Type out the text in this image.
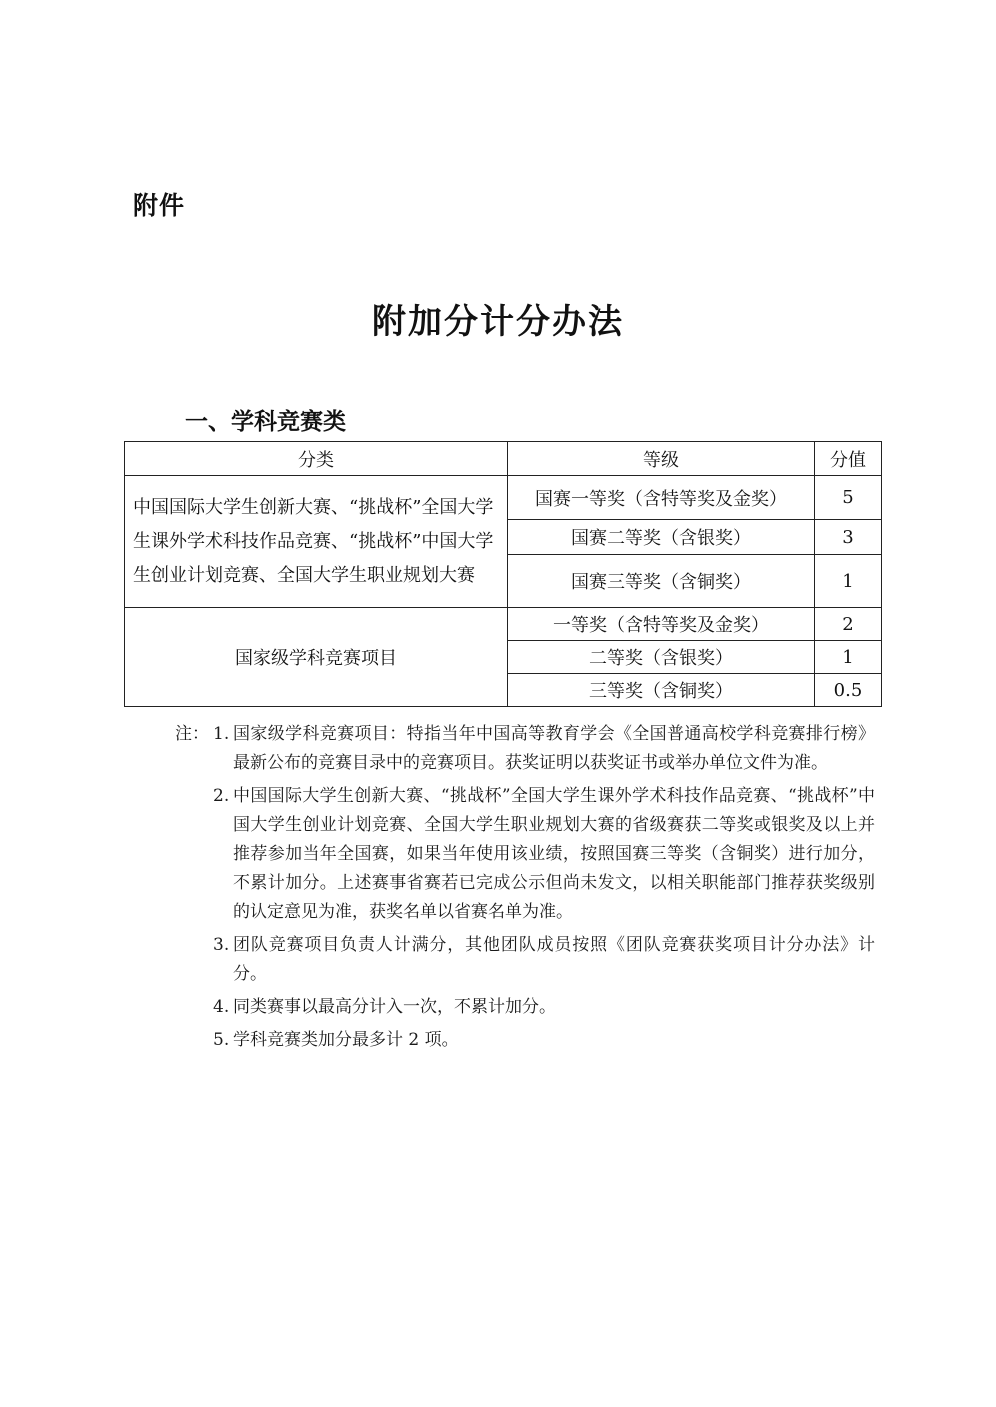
附件
附加分计分办法
一、学科竞赛类
分类	等级	分值
中国国际大学生创新大赛、“挑战杯”全国大学生课外学术科技作品竞赛、“挑战杯”中国大学生创业计划竞赛、全国大学生职业规划大赛	国赛一等奖（含特等奖及金奖）	5
	国赛二等奖（含银奖）	3
	国赛三等奖（含铜奖）	1
国家级学科竞赛项目	一等奖（含特等奖及金奖）	2
	二等奖（含银奖）	1
	三等奖（含铜奖）	0.5
注： 1. 国家级学科竞赛项目：特指当年中国高等教育学会《全国普通高校学科竞赛排行榜》最新公布的竞赛目录中的竞赛项目。获奖证明以获奖证书或举办单位文件为准。
2. 中国国际大学生创新大赛、“挑战杯”全国大学生课外学术科技作品竞赛、“挑战杯”中国大学生创业计划竞赛、全国大学生职业规划大赛的省级赛获二等奖或银奖及以上并推荐参加当年全国赛，如果当年使用该业绩，按照国赛三等奖（含铜奖）进行加分，不累计加分。上述赛事省赛若已完成公示但尚未发文，以相关职能部门推荐获奖级别的认定意见为准，获奖名单以省赛名单为准。
3. 团队竞赛项目负责人计满分，其他团队成员按照《团队竞赛获奖项目计分办法》计分。
4. 同类赛事以最高分计入一次，不累计加分。
5. 学科竞赛类加分最多计 2 项。
